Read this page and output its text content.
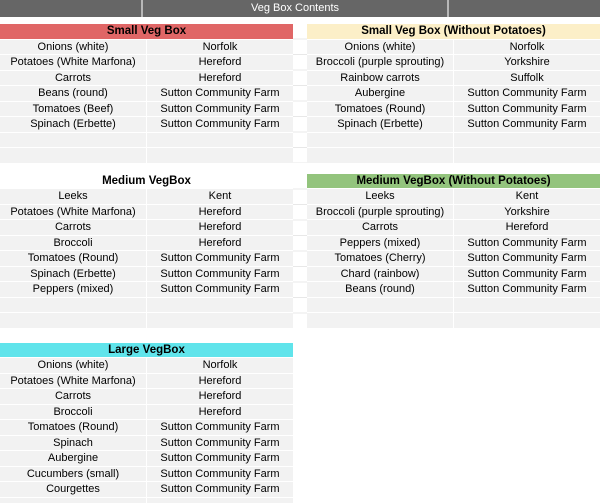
Veg Box Contents
Small Veg Box
Onions (white)	Norfolk
Potatoes (White Marfona)	Hereford
Carrots	Hereford
Beans (round)	Sutton Community Farm
Tomatoes (Beef)	Sutton Community Farm
Spinach (Erbette)	Sutton Community Farm
Small Veg Box (Without Potatoes)
Onions (white)	Norfolk
Broccoli (purple sprouting)	Yorkshire
Rainbow carrots	Suffolk
Aubergine	Sutton Community Farm
Tomatoes (Round)	Sutton Community Farm
Spinach (Erbette)	Sutton Community Farm
Medium VegBox
Leeks	Kent
Potatoes (White Marfona)	Hereford
Carrots	Hereford
Broccoli	Hereford
Tomatoes (Round)	Sutton Community Farm
Spinach (Erbette)	Sutton Community Farm
Peppers (mixed)	Sutton Community Farm
Medium VegBox (Without Potatoes)
Leeks	Kent
Broccoli (purple sprouting)	Yorkshire
Carrots	Hereford
Peppers (mixed)	Sutton Community Farm
Tomatoes (Cherry)	Sutton Community Farm
Chard (rainbow)	Sutton Community Farm
Beans (round)	Sutton Community Farm
Large VegBox
Onions (white)	Norfolk
Potatoes (White Marfona)	Hereford
Carrots	Hereford
Broccoli	Hereford
Tomatoes (Round)	Sutton Community Farm
Spinach	Sutton Community Farm
Aubergine	Sutton Community Farm
Cucumbers (small)	Sutton Community Farm
Courgettes	Sutton Community Farm
